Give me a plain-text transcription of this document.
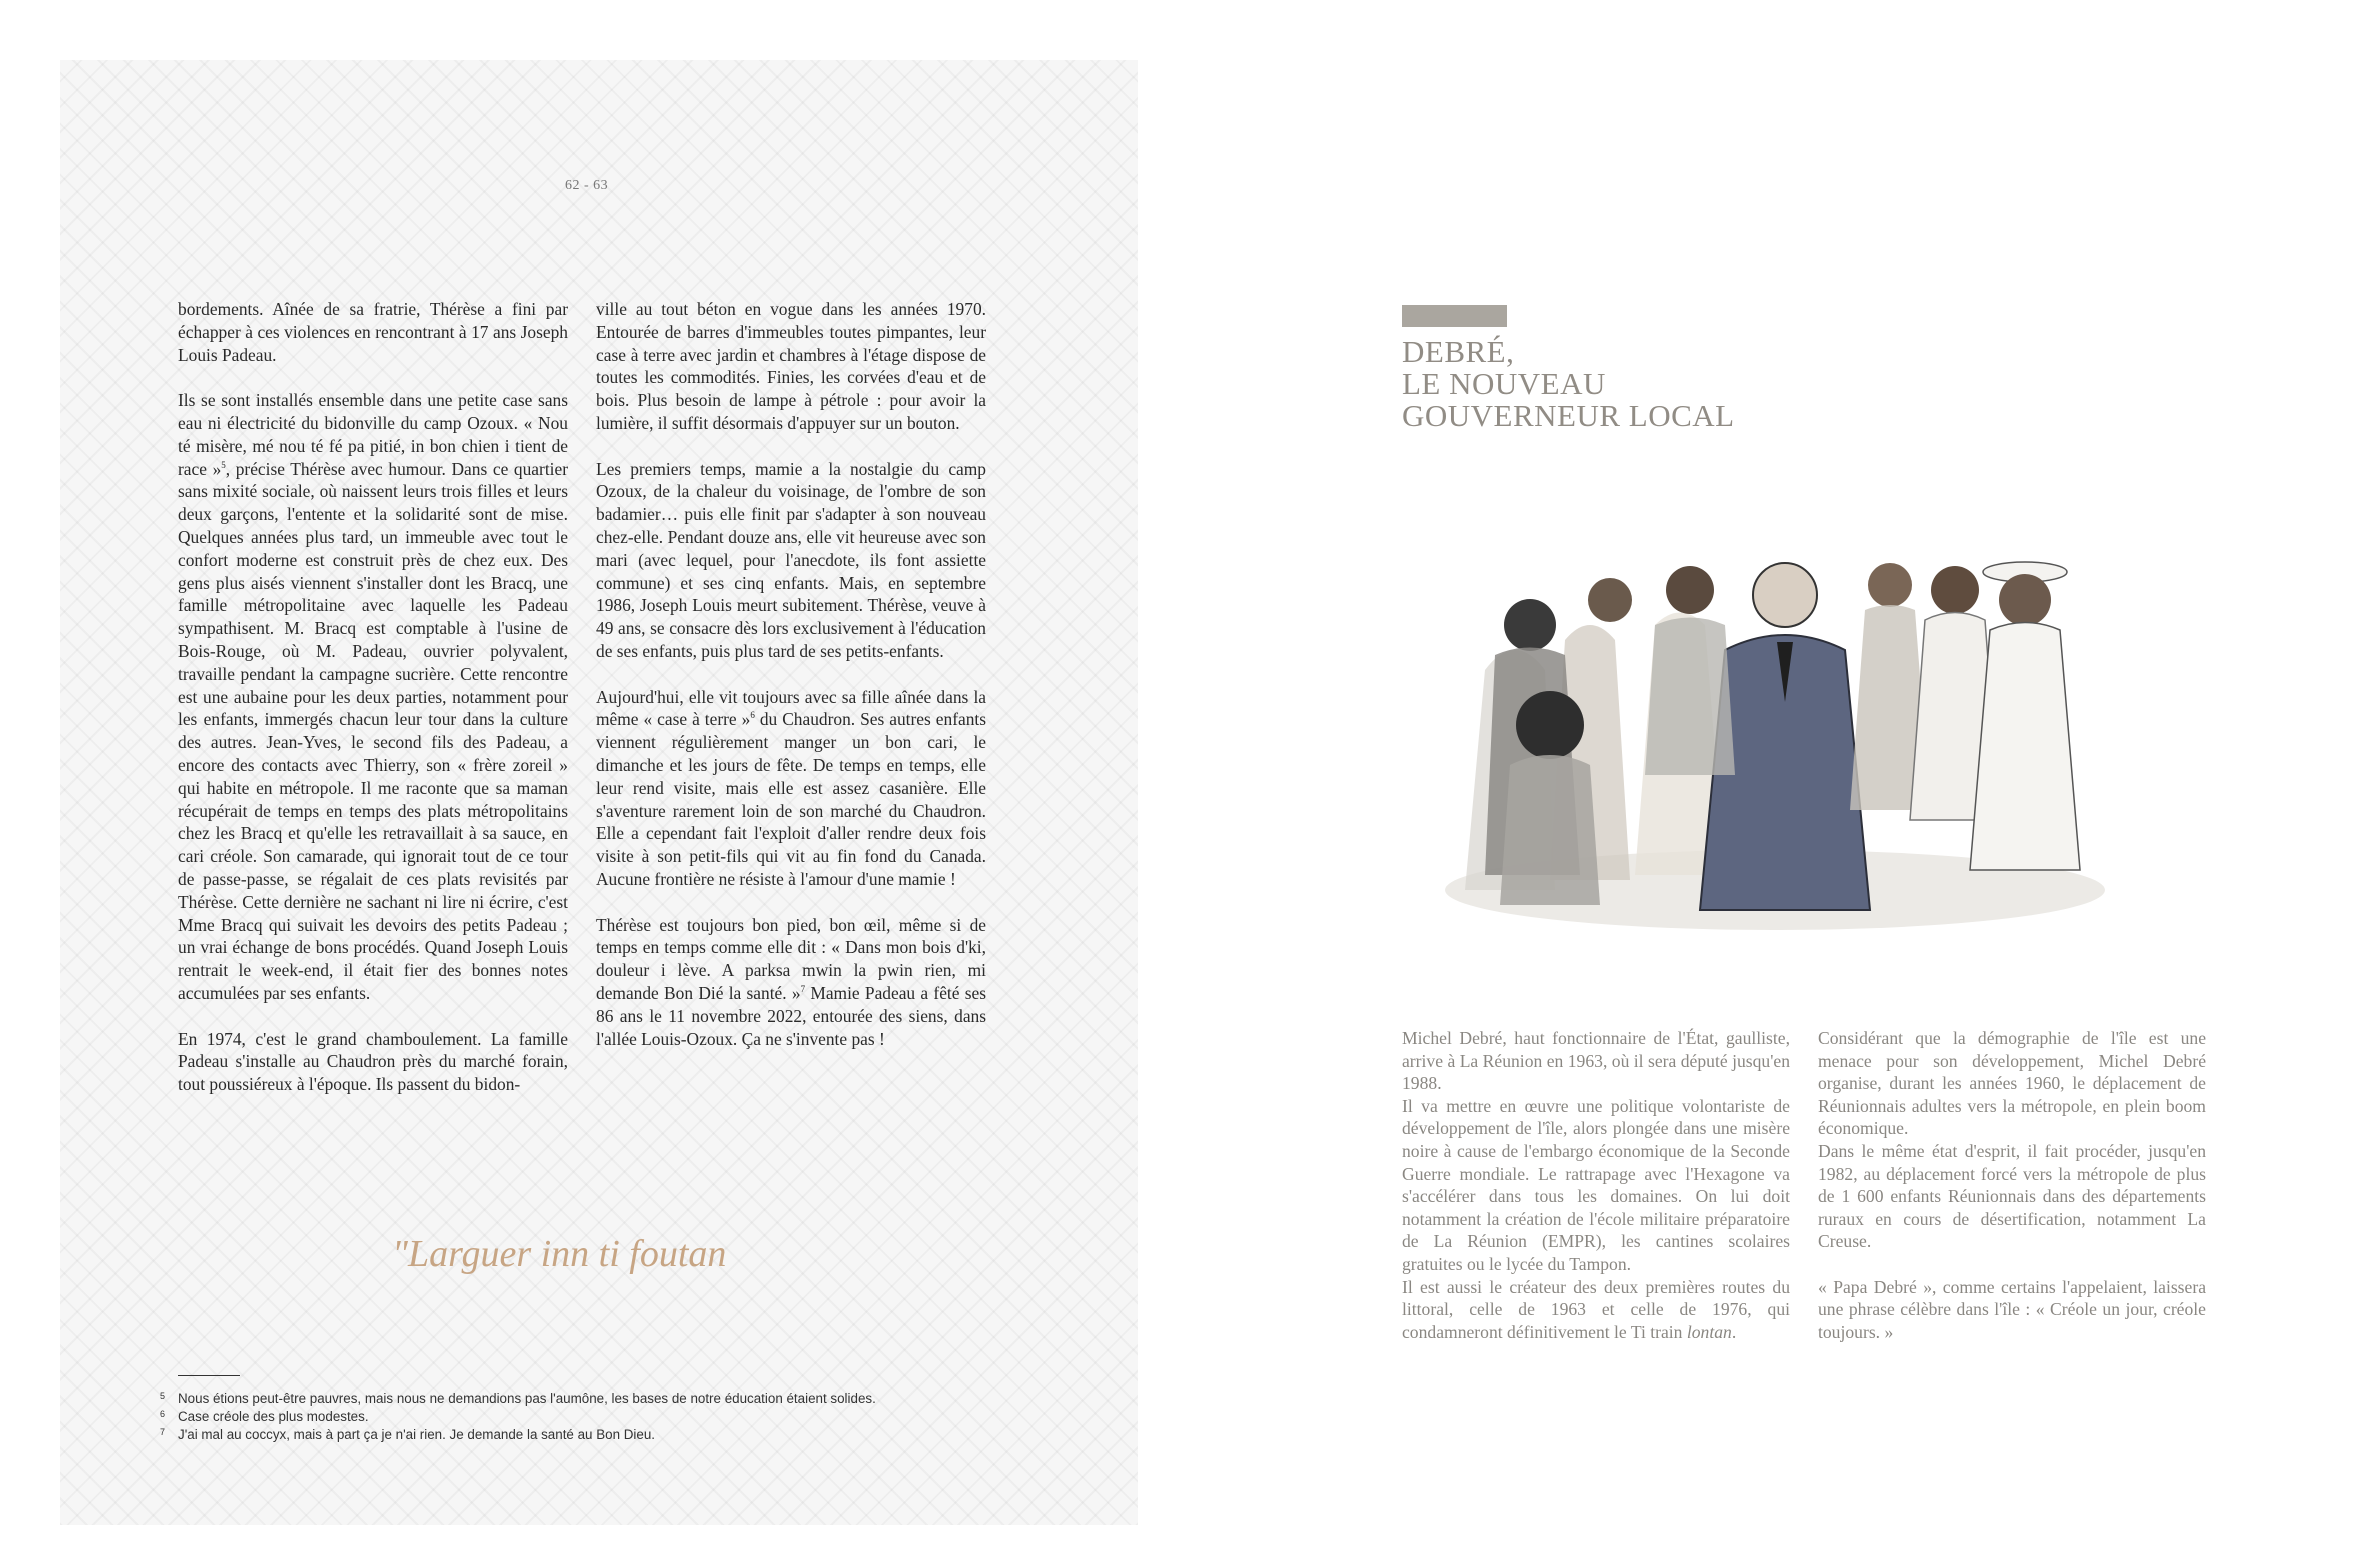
62 - 63

bordements. Aînée de sa fratrie, Thérèse a fini par échapper à ces violences en rencontrant à 17 ans Joseph Louis Padeau.

Ils se sont installés ensemble dans une petite case sans eau ni électricité du bidonville du camp Ozoux. « Nou té misère, mé nou té fé pa pitié, in bon chien i tient de race »$^5$, précise Thérèse avec humour. Dans ce quartier sans mixité sociale, où naissent leurs trois filles et leurs deux garçons, l'entente et la solidarité sont de mise. Quelques années plus tard, un immeuble avec tout le confort moderne est construit près de chez eux. Des gens plus aisés viennent s'installer dont les Bracq, une famille métropolitaine avec laquelle les Padeau sympathisent. M. Bracq est comptable à l'usine de Bois-Rouge, où M. Padeau, ouvrier polyvalent, travaille pendant la campagne sucrière. Cette rencontre est une aubaine pour les deux parties, notamment pour les enfants, immergés chacun leur tour dans la culture des autres. Jean-Yves, le second fils des Padeau, a encore des contacts avec Thierry, son « frère zoreil » qui habite en métropole. Il me raconte que sa maman récupérait de temps en temps des plats métropolitains chez les Bracq et qu'elle les retravaillait à sa sauce, en cari créole. Son camarade, qui ignorait tout de ce tour de passe-passe, se régalait de ces plats revisités par Thérèse. Cette dernière ne sachant ni lire ni écrire, c'est Mme Bracq qui suivait les devoirs des petits Padeau ; un vrai échange de bons procédés. Quand Joseph Louis rentrait le week-end, il était fier des bonnes notes accumulées par ses enfants.

En 1974, c'est le grand chamboulement. La famille Padeau s'installe au Chaudron près du marché forain, tout poussiéreux à l'époque. Ils passent du bidon-

ville au tout béton en vogue dans les années 1970. Entourée de barres d'immeubles toutes pimpantes, leur case à terre avec jardin et chambres à l'étage dispose de toutes les commodités. Finies, les corvées d'eau et de bois. Plus besoin de lampe à pétrole : pour avoir la lumière, il suffit désormais d'appuyer sur un bouton.

Les premiers temps, mamie a la nostalgie du camp Ozoux, de la chaleur du voisinage, de l'ombre de son badamier… puis elle finit par s'adapter à son nouveau chez-elle. Pendant douze ans, elle vit heureuse avec son mari (avec lequel, pour l'anecdote, ils font assiette commune) et ses cinq enfants. Mais, en septembre 1986, Joseph Louis meurt subitement. Thérèse, veuve à 49 ans, se consacre dès lors exclusivement à l'éducation de ses enfants, puis plus tard de ses petits-enfants.

Aujourd'hui, elle vit toujours avec sa fille aînée dans la même « case à terre »$^6$ du Chaudron. Ses autres enfants viennent régulièrement manger un bon cari, le dimanche et les jours de fête. De temps en temps, elle leur rend visite, mais elle est assez casanière. Elle s'aventure rarement loin de son marché du Chaudron. Elle a cependant fait l'exploit d'aller rendre deux fois visite à son petit-fils qui vit au fin fond du Canada. Aucune frontière ne résiste à l'amour d'une mamie !

Thérèse est toujours bon pied, bon œil, même si de temps en temps comme elle dit : « Dans mon bois d'ki, douleur i lève. A parksa mwin la pwin rien, mi demande Bon Dié la santé. »$^7$ Mamie Padeau a fêté ses 86 ans le 11 novembre 2022, entourée des siens, dans l'allée Louis-Ozoux. Ça ne s'invente pas !

"Larguer inn ti foutan
5 Nous étions peut-être pauvres, mais nous ne demandions pas l'aumône, les bases de notre éducation étaient solides.
6 Case créole des plus modestes.
7 J'ai mal au coccyx, mais à part ça je n'ai rien. Je demande la santé au Bon Dieu.
DEBRÉ,
LE NOUVEAU
GOUVERNEUR LOCAL

Michel Debré, haut fonctionnaire de l'État, gaulliste, arrive à La Réunion en 1963, où il sera député jusqu'en 1988.

Il va mettre en œuvre une politique volontariste de développement de l'île, alors plongée dans une misère noire à cause de l'embargo économique de la Seconde Guerre mondiale. Le rattrapage avec l'Hexagone va s'accélérer dans tous les domaines. On lui doit notamment la création de l'école militaire préparatoire de La Réunion (EMPR), les cantines scolaires gratuites ou le lycée du Tampon.

Il est aussi le créateur des deux premières routes du littoral, celle de 1963 et celle de 1976, qui condamneront définitivement le Ti train lontan.

Considérant que la démographie de l'île est une menace pour son développement, Michel Debré organise, durant les années 1960, le déplacement de Réunionnais adultes vers la métropole, en plein boom économique.

Dans le même état d'esprit, il fait procéder, jusqu'en 1982, au déplacement forcé vers la métropole de plus de 1 600 enfants Réunionnais dans des départements ruraux en cours de désertification, notamment La Creuse.

« Papa Debré », comme certains l'appelaient, laissera une phrase célèbre dans l'île : « Créole un jour, créole toujours. »
